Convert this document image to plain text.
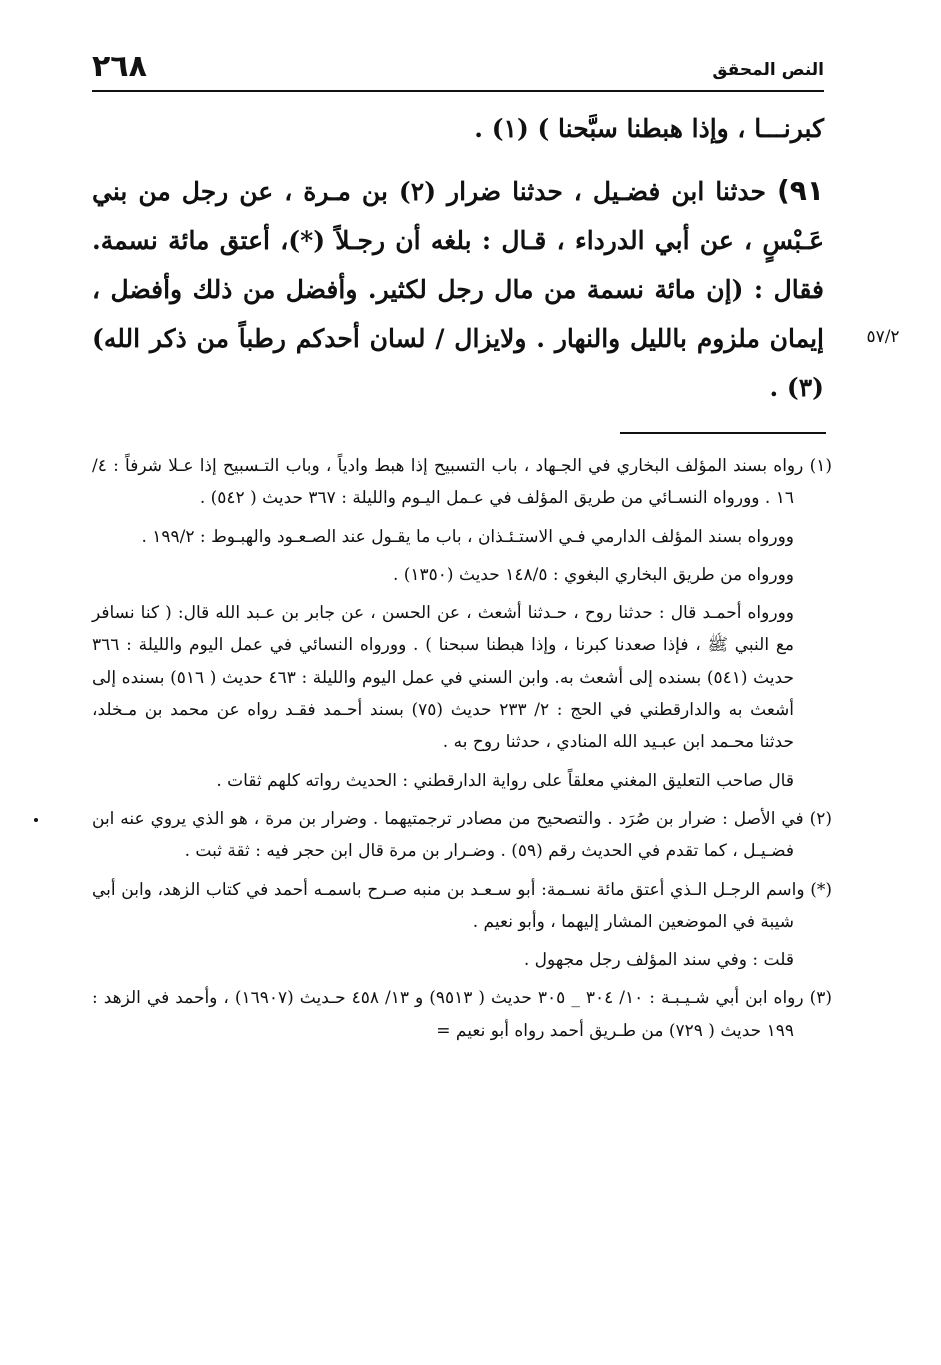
٢٦٨	النص المحقق

كبرنـــا ، وإذا هبطنا سبَّحنا ) (١) .

٩١) حدثنا ابن فضـيل ، حدثنا ضرار (٢) بن مـرة ، عن رجل من بني عَـبْسٍ ، عن أبي الدرداء ، قـال : بلغه أن رجـلاً (*)، أعتق مائة نسمة. فقال : (إن مائة نسمة من مال رجل لكثير. وأفضل من ذلك وأفضل ، إيمان ملزوم بالليل والنهار . ولايزال / لسان أحدكم رطباً من ذكر الله) (٣) .

٥٧/٢

(١) رواه بسند المؤلف البخاري في الجـهاد ، باب التسبيح إذا هبط وادياً ، وباب التـسبيح إذا عـلا شرفاً : ٤/ ١٦ . وورواه النسـائي من طريق المؤلف في عـمل اليـوم والليلة : ٣٦٧ حديث ( ٥٤٢) .

وورواه بسند المؤلف الدارمي فـي الاستـئـذان ، باب ما يقـول عند الصـعـود والهبـوط : ١٩٩/٢ .

وورواه من طريق البخاري البغوي : ١٤٨/٥ حديث (١٣٥٠) .

وورواه أحمـد قال : حدثنا روح ، حـدثنا أشعث ، عن الحسن ، عن جابر بن عـبد الله قال: ( كنا نسافر مع النبي ﷺ ، فإذا صعدنا كبرنا ، وإذا هبطنا سبحنا ) . وورواه النسائي في عمل اليوم والليلة : ٣٦٦ حديث (٥٤١) بسنده إلى أشعث به. وابن السني في عمل اليوم والليلة : ٤٦٣ حديث ( ٥١٦) بسنده إلى أشعث به والدارقطني في الحج : ٢/ ٢٣٣ حديث (٧٥) بسند أحـمد فقـد رواه عن محمد بن مـخلد، حدثنا محـمد ابن عبـيد الله المنادي ، حدثنا روح به .

قال صاحب التعليق المغني معلقاً على رواية الدارقطني : الحديث رواته كلهم ثقات .

(٢) في الأصل : ضرار بن صُرَد . والتصحيح من مصادر ترجمتيهما . وضرار بن مرة ، هو الذي يروي عنه ابن فضـيـل ، كما تقدم في الحديث رقم (٥٩) . وضـرار بن مرة قال ابن حجر فيه : ثقة ثبت .

(*) واسم الرجـل الـذي أعتق مائة نسـمة: أبو سـعـد بن منبه صـرح باسمـه أحمد في كتاب الزهد، وابن أبي شيبة في الموضعين المشار إليهما ، وأبو نعيم .

قلت : وفي سند المؤلف رجل مجهول .

(٣) رواه ابن أبي شـيـبـة : ١٠/ ٣٠٤ _ ٣٠٥ حديث ( ٩٥١٣) و ١٣/ ٤٥٨ حـديث (١٦٩٠٧) ، وأحمد في الزهد : ١٩٩ حديث ( ٧٢٩) من طـريق أحمد رواه أبو نعيم =
